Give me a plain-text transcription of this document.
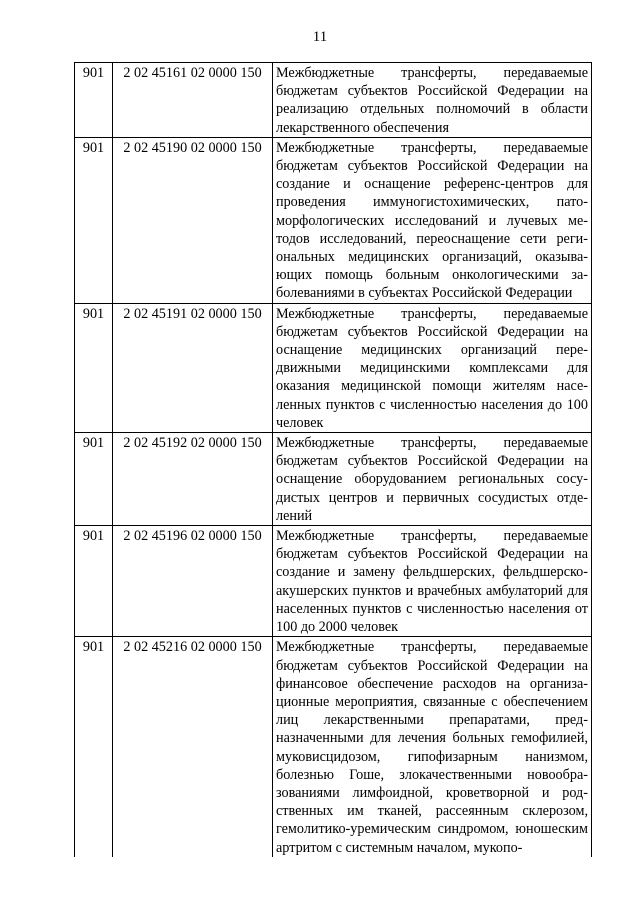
11
901	2 02 45161 02 0000 150	Межбюджетные трансферты, передаваемые бюджетам субъектов Российской Федерации на реализацию отдельных полномочий в области лекарственного обеспечения
901	2 02 45190 02 0000 150	Межбюджетные трансферты, передаваемые бюджетам субъектов Российской Федерации на создание и оснащение референс-центров для проведения иммуногистохимических, патоморфологических исследований и лучевых методов исследований, переоснащение сети региональных медицинских организаций, оказывающих помощь больным онкологическими заболеваниями в субъектах Российской Федерации
901	2 02 45191 02 0000 150	Межбюджетные трансферты, передаваемые бюджетам субъектов Российской Федерации на оснащение медицинских организаций передвижными медицинскими комплексами для оказания медицинской помощи жителям населенных пунктов с численностью населения до 100 человек
901	2 02 45192 02 0000 150	Межбюджетные трансферты, передаваемые бюджетам субъектов Российской Федерации на оснащение оборудованием региональных сосудистых центров и первичных сосудистых отделений
901	2 02 45196 02 0000 150	Межбюджетные трансферты, передаваемые бюджетам субъектов Российской Федерации на создание и замену фельдшерских, фельдшерско-акушерских пунктов и врачебных амбулаторий для населенных пунктов с численностью населения от 100 до 2000 человек
901	2 02 45216 02 0000 150	Межбюджетные трансферты, передаваемые бюджетам субъектов Российской Федерации на финансовое обеспечение расходов на организационные мероприятия, связанные с обеспечением лиц лекарственными препаратами, предназначенными для лечения больных гемофилией, муковисцидозом, гипофизарным нанизмом, болезнью Гоше, злокачественными новообразованиями лимфоидной, кроветворной и родственных им тканей, рассеянным склерозом, гемолитико-уремическим синдромом, юношеским артритом с системным началом, мукопо-
